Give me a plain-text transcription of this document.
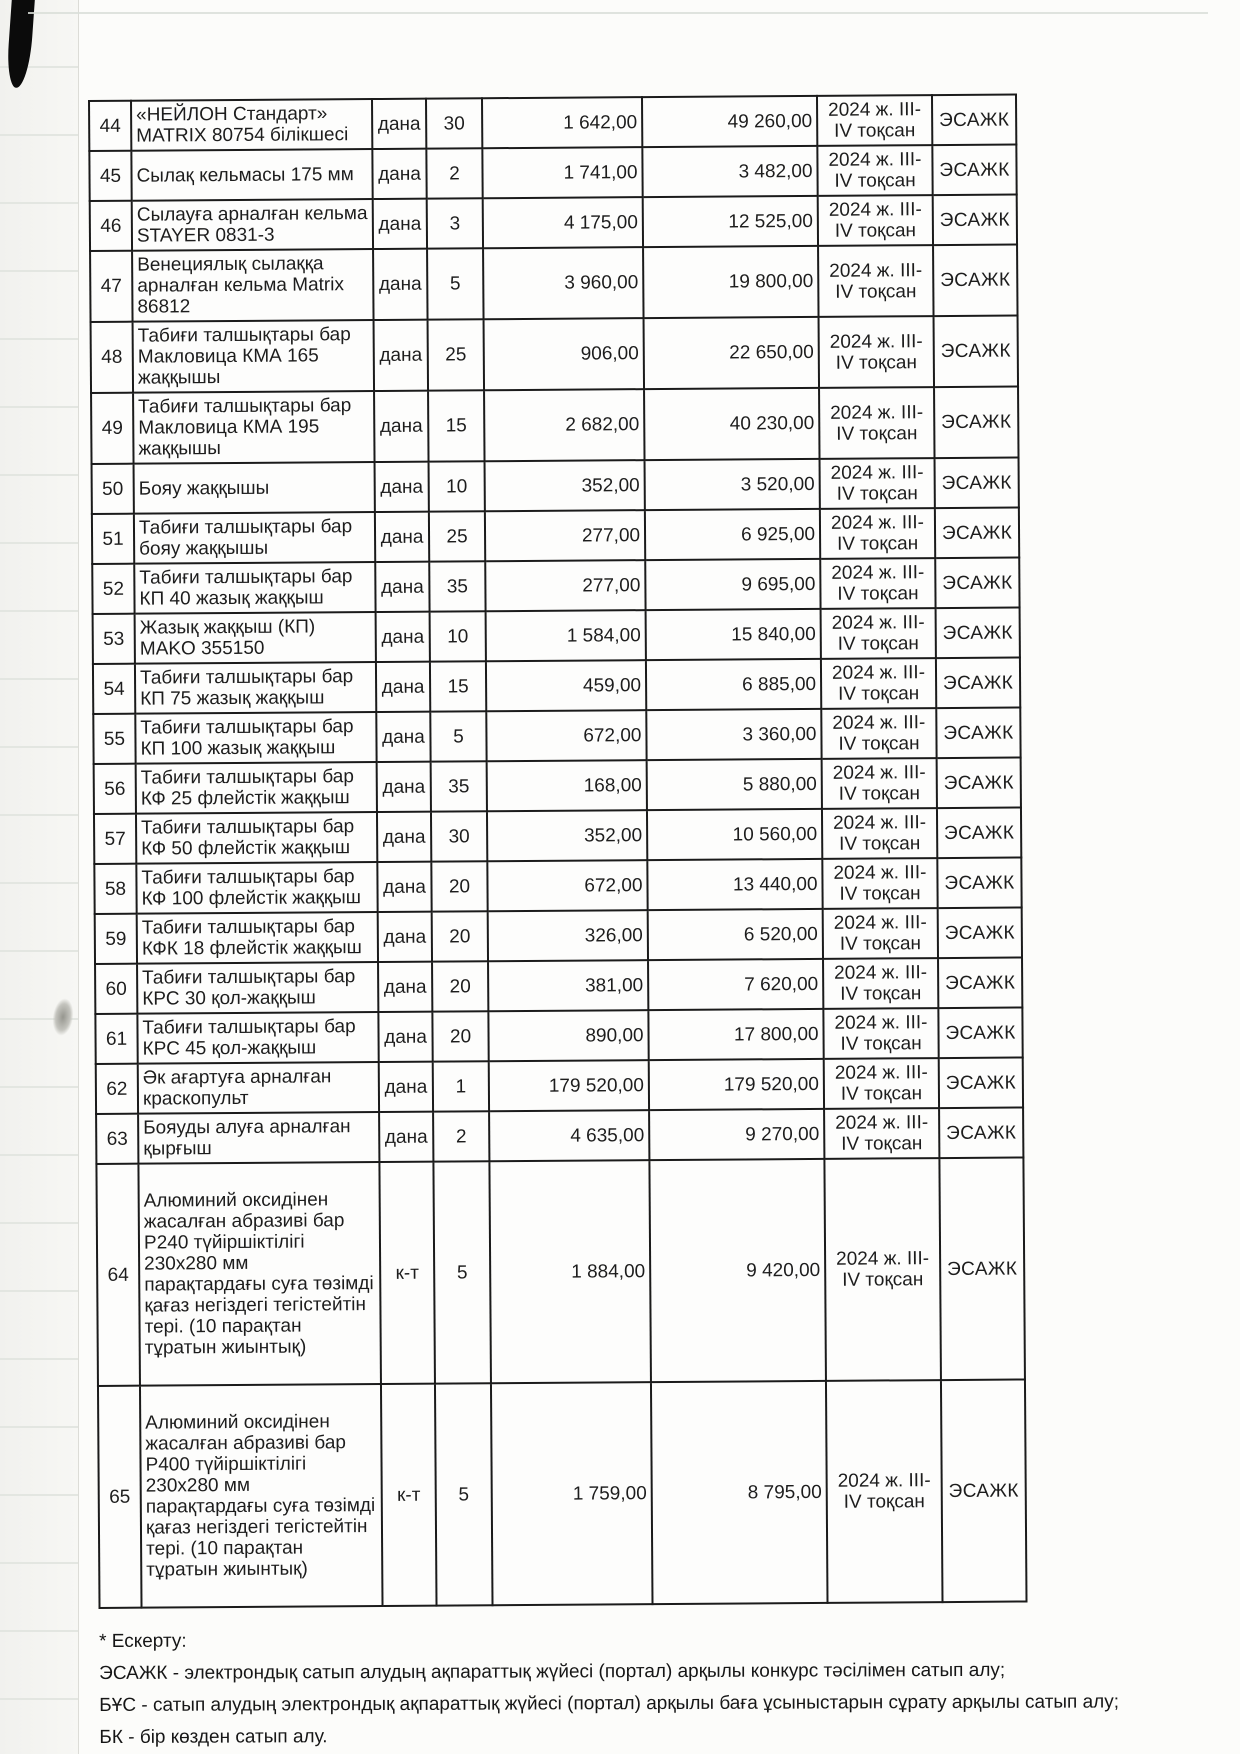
44	«НЕЙЛОН Стандарт» MATRIX 80754 білікшесі	дана	30	1 642,00	49 260,00	2024 ж. III-IV тоқсан	ЭСАЖК
45	Сылақ кельмасы 175 мм	дана	2	1 741,00	3 482,00	2024 ж. III-IV тоқсан	ЭСАЖК
46	Сылауға арналған кельма STAYER 0831-3	дана	3	4 175,00	12 525,00	2024 ж. III-IV тоқсан	ЭСАЖК
47	Венециялық сылаққа арналған кельма Matrix 86812	дана	5	3 960,00	19 800,00	2024 ж. III-IV тоқсан	ЭСАЖК
48	Табиғи талшықтары бар Макловица КМА 165 жаққышы	дана	25	906,00	22 650,00	2024 ж. III-IV тоқсан	ЭСАЖК
49	Табиғи талшықтары бар Макловица КМА 195 жаққышы	дана	15	2 682,00	40 230,00	2024 ж. III-IV тоқсан	ЭСАЖК
50	Бояу жаққышы	дана	10	352,00	3 520,00	2024 ж. III-IV тоқсан	ЭСАЖК
51	Табиғи талшықтары бар бояу жаққышы	дана	25	277,00	6 925,00	2024 ж. III-IV тоқсан	ЭСАЖК
52	Табиғи талшықтары бар КП 40 жазық жаққыш	дана	35	277,00	9 695,00	2024 ж. III-IV тоқсан	ЭСАЖК
53	Жазық жаққыш (КП) MAKO 355150	дана	10	1 584,00	15 840,00	2024 ж. III-IV тоқсан	ЭСАЖК
54	Табиғи талшықтары бар КП 75 жазық жаққыш	дана	15	459,00	6 885,00	2024 ж. III-IV тоқсан	ЭСАЖК
55	Табиғи талшықтары бар КП 100 жазық жаққыш	дана	5	672,00	3 360,00	2024 ж. III-IV тоқсан	ЭСАЖК
56	Табиғи талшықтары бар КФ 25 флейстік жаққыш	дана	35	168,00	5 880,00	2024 ж. III-IV тоқсан	ЭСАЖК
57	Табиғи талшықтары бар КФ 50 флейстік жаққыш	дана	30	352,00	10 560,00	2024 ж. III-IV тоқсан	ЭСАЖК
58	Табиғи талшықтары бар КФ 100 флейстік жаққыш	дана	20	672,00	13 440,00	2024 ж. III-IV тоқсан	ЭСАЖК
59	Табиғи талшықтары бар КФК 18 флейстік жаққыш	дана	20	326,00	6 520,00	2024 ж. III-IV тоқсан	ЭСАЖК
60	Табиғи талшықтары бар КРС 30 қол-жаққыш	дана	20	381,00	7 620,00	2024 ж. III-IV тоқсан	ЭСАЖК
61	Табиғи талшықтары бар КРС 45 қол-жаққыш	дана	20	890,00	17 800,00	2024 ж. III-IV тоқсан	ЭСАЖК
62	Әк ағартуға арналған краскопульт	дана	1	179 520,00	179 520,00	2024 ж. III-IV тоқсан	ЭСАЖК
63	Бояуды алуға арналған қырғыш	дана	2	4 635,00	9 270,00	2024 ж. III-IV тоқсан	ЭСАЖК
64	Алюминий оксидінен жасалған абразиві бар P240 түйіршіктілігі 230х280 мм парақтардағы суға төзімді қағаз негіздегі тегістейтін тері. (10 парақтан тұратын жиынтық)	к-т	5	1 884,00	9 420,00	2024 ж. III-IV тоқсан	ЭСАЖК
65	Алюминий оксидінен жасалған абразиві бар P400 түйіршіктілігі 230х280 мм парақтардағы суға төзімді қағаз негіздегі тегістейтін тері. (10 парақтан тұратын жиынтық)	к-т	5	1 759,00	8 795,00	2024 ж. III-IV тоқсан	ЭСАЖК
* Ескерту:
ЭСАЖК - электрондық сатып алудың ақпараттық жүйесі (портал) арқылы конкурс тәсілімен сатып алу;
БҰС - сатып алудың электрондық ақпараттық жүйесі (портал) арқылы баға ұсыныстарын сұрату арқылы сатып алу;
БК - бір көзден сатып алу.
